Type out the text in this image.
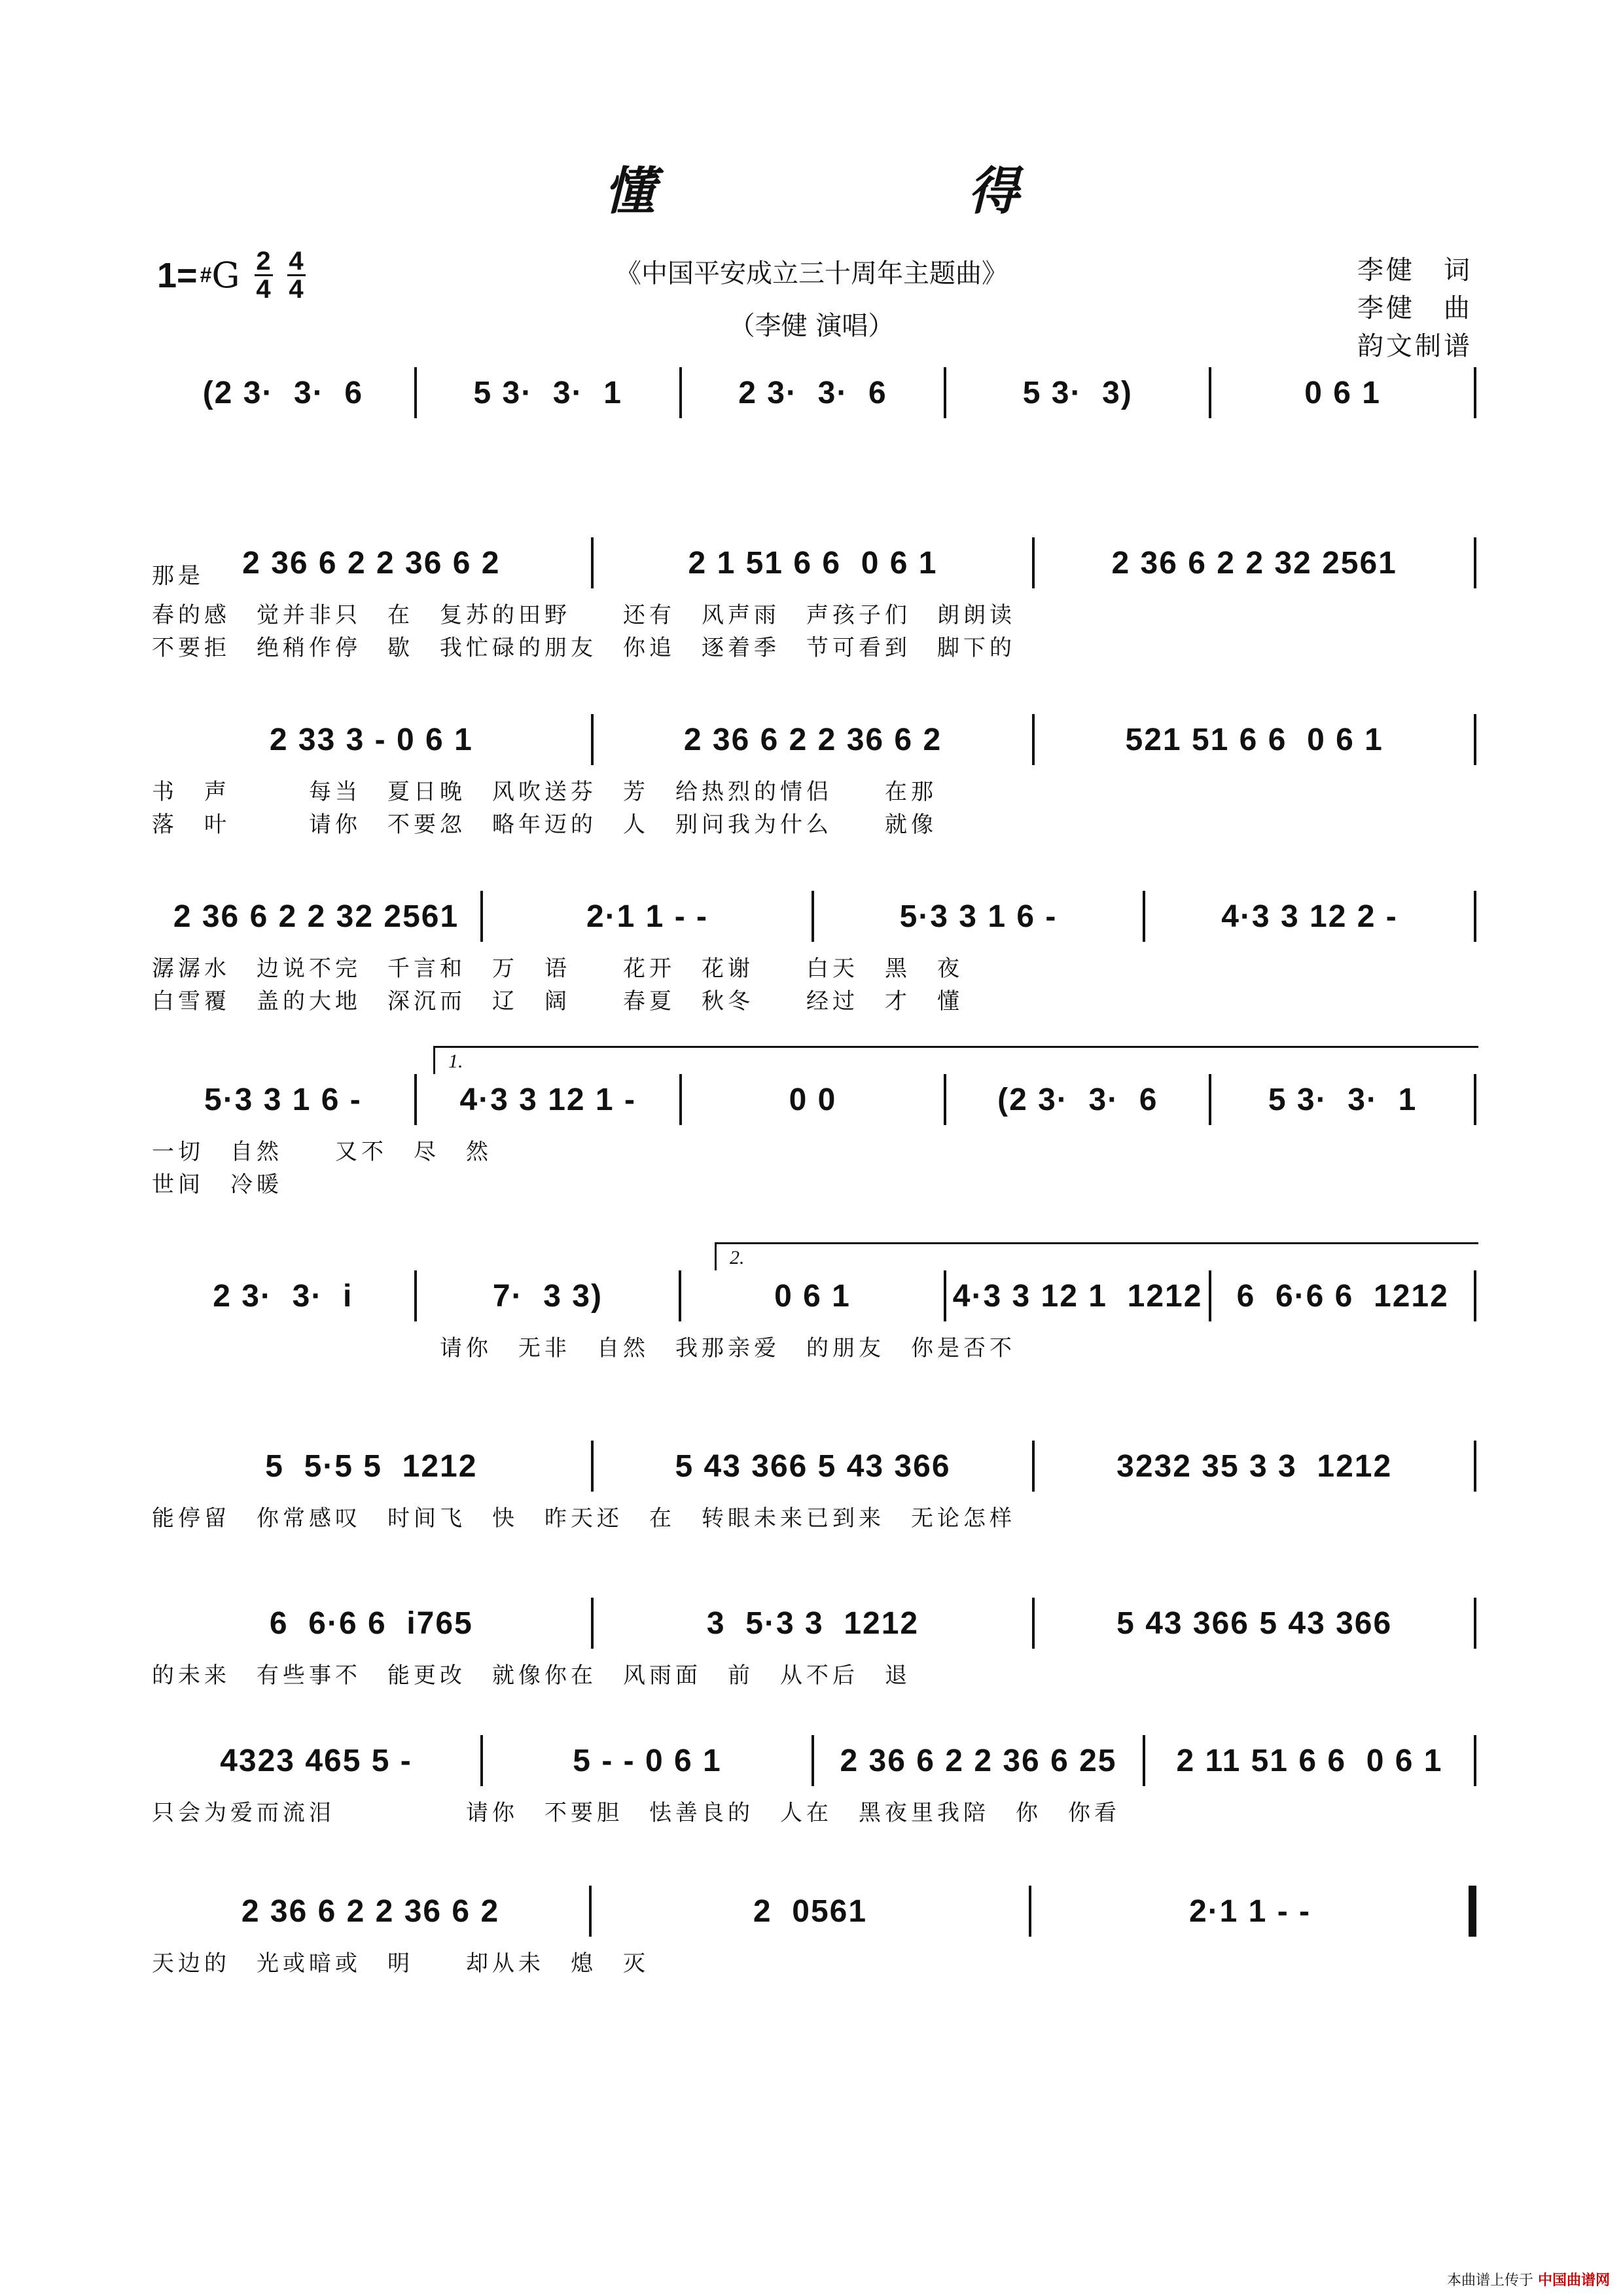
懂　得
1= # G $\frac{2}{4} \frac{4}{4}$	《中国平安成立三十周年主题曲》
（李健 演唱）
李健　词
李健　曲
韵文制谱
(2 3·  3·  6	5 3·  3·  1	2 3·  3·  6	5 3·  3)	0 6 1
那是	2 36 6 2 2 36 6 2	2 1 51 6 6  0 6 1	2 36 6 2 2 32 2561
春的感　觉并非只　在　复苏的田野　　还有　风声雨　声孩子们　朗朗读
不要拒　绝稍作停　歇　我忙碌的朋友　你追　逐着季　节可看到　脚下的
2 33 3 - 0 6 1	2 36 6 2 2 36 6 2	521 51 6 6  0 6 1
书　声　　　每当　夏日晚　风吹送芬　芳　给热烈的情侣　　在那
落　叶　　　请你　不要忽　略年迈的　人　别问我为什么　　就像
2 36 6 2 2 32 2561	2·1 1 - -	5·3 3 1 6 -	4·3 3 12 2 -
潺潺水　边说不完　千言和　万　语　　花开　花谢　　白天　黑　夜
白雪覆　盖的大地　深沉而　辽　阔　　春夏　秋冬　　经过　才　懂
5·3 3 1 6 -	4·3 3 12 1 -	0 0	(2 3·  3·  6	5 3·  3·  1
1.
一切　自然　　又不　尽　然
世间　冷暖
2 3·  3·  i	7·  3 3)	0 6 1	4·3 3 12 1  1212	6  6·6 6  1212
2.
　　　　　　　　　　　请你　无非　自然　我那亲爱　的朋友　你是否不
5  5·5 5  1212	5 43 366 5 43 366	3232 35 3 3  1212
能停留　你常感叹　时间飞　快　昨天还　在　转眼未来已到来　无论怎样
6  6·6 6  i765	3  5·3 3  1212	5 43 366 5 43 366
的未来　有些事不　能更改　就像你在　风雨面　前　从不后　退
4323 465 5 -	5 - - 0 6 1	2 36 6 2 2 36 6 25	2 11 51 6 6  0 6 1
只会为爱而流泪　　　　　请你　不要胆　怯善良的　人在　黑夜里我陪　你　你看
2 36 6 2 2 36 6 2	2  0561	2·1 1 - -
天边的　光或暗或　明　　却从未　熄　灭
本曲谱上传于 中国曲谱网
